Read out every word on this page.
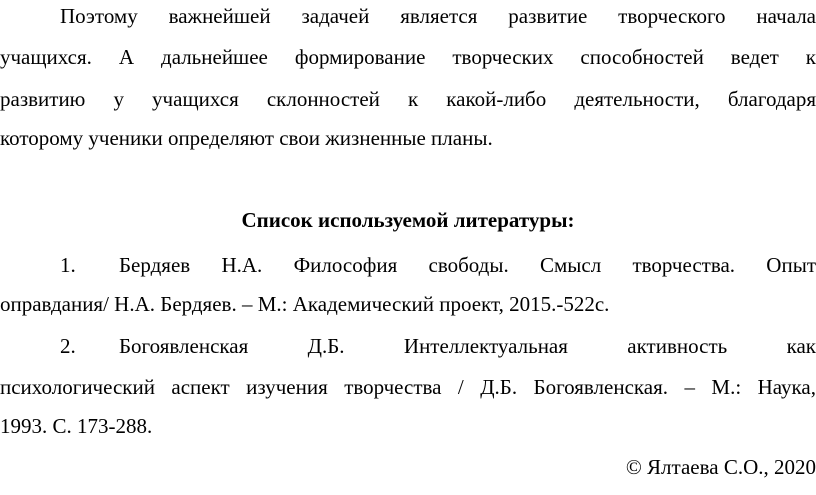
Поэтому важнейшей задачей является развитие творческого начала
учащихся. А дальнейшее формирование творческих способностей ведет к
развитию у учащихся склонностей к какой-либо деятельности, благодаря
которому ученики определяют свои жизненные планы.
Список используемой литературы:
1. Бердяев Н.А. Философия свободы. Смысл творчества. Опыт
оправдания/ Н.А. Бердяев. – М.: Академический проект, 2015.-522с.
2. Богоявленская Д.Б. Интеллектуальная активность как
психологический аспект изучения творчества / Д.Б. Богоявленская. – М.: Наука,
1993. С. 173-288.
© Ялтаева С.О., 2020
